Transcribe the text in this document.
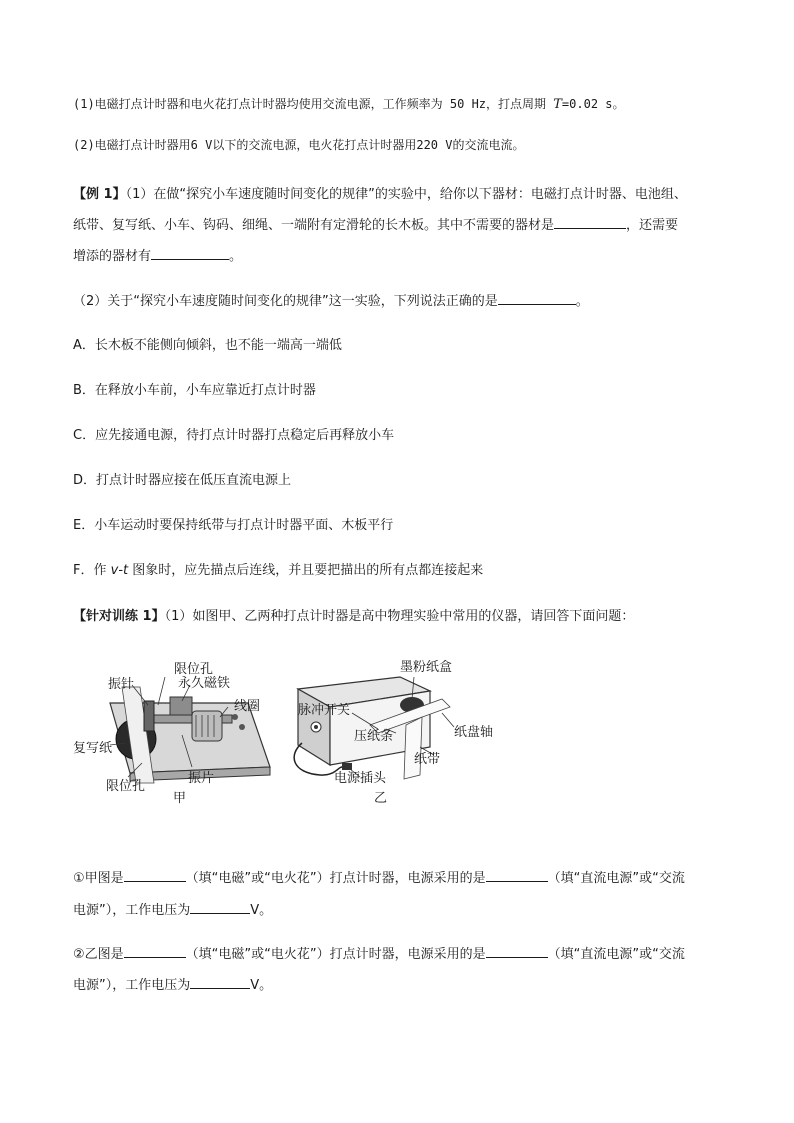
(1)电磁打点计时器和电火花打点计时器均使用交流电源，工作频率为 50 Hz，打点周期 T=0.02 s。
(2)电磁打点计时器用6 V以下的交流电源，电火花打点计时器用220 V的交流电流。
【例 1】（1）在做“探究小车速度随时间变化的规律”的实验中，给你以下器材：电磁打点计时器、电池组、
纸带、复写纸、小车、钩码、细绳、一端附有定滑轮的长木板。其中不需要的器材是	，还需要
增添的器材有	。
（2）关于“探究小车速度随时间变化的规律”这一实验，下列说法正确的是	。
A．长木板不能侧向倾斜，也不能一端高一端低
B．在释放小车前，小车应靠近打点计时器
C．应先接通电源，待打点计时器打点稳定后再释放小车
D．打点计时器应接在低压直流电源上
E．小车运动时要保持纸带与打点计时器平面、木板平行
F．作 v-t 图象时，应先描点后连线，并且要把描出的所有点都连接起来
【针对训练 1】（1）如图甲、乙两种打点计时器是高中物理实验中常用的仪器，请回答下面问题：
限位孔
振针	永久磁铁
线圈
复写纸
限位孔
振片
甲
墨粉纸盒
脉冲开关
压纸条	纸盘轴
纸带
电源插头
乙
①甲图是	（填“电磁”或“电火花”）打点计时器，电源采用的是	（填“直流电源”或“交流
电源”），工作电压为	V。
②乙图是	（填“电磁”或“电火花”）打点计时器，电源采用的是	（填“直流电源”或“交流
电源”），工作电压为	V。
